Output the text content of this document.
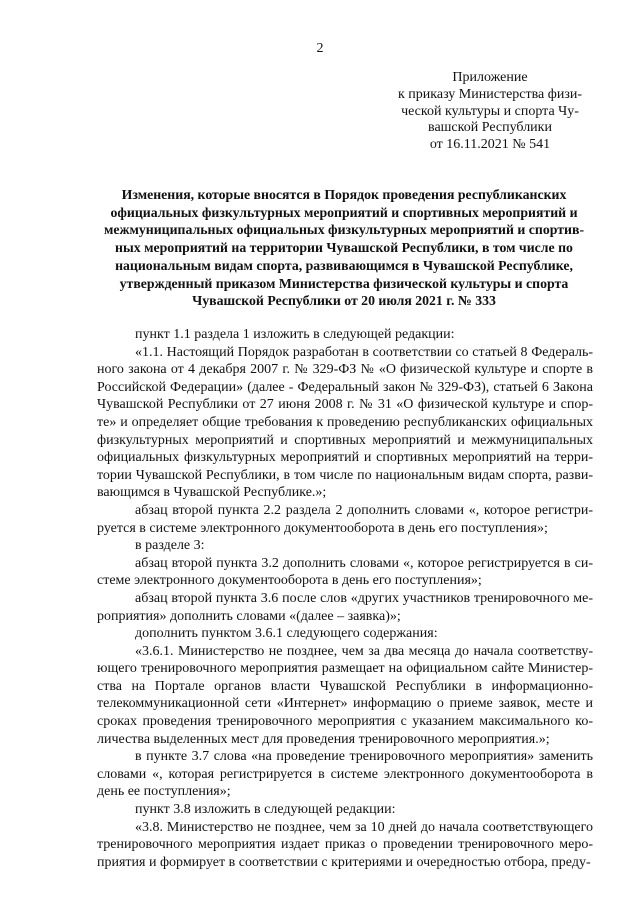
2
Приложение
к приказу Министерства физи-
ческой культуры и спорта Чу-
вашской Республики
от 16.11.2021 № 541
Изменения, которые вносятся в Порядок проведения республиканских
официальных физкультурных мероприятий и спортивных мероприятий и
межмуниципальных официальных физкультурных мероприятий и спортив-
ных мероприятий на территории Чувашской Республики, в том числе по
национальным видам спорта, развивающимся в Чувашской Республике,
утвержденный приказом Министерства физической культуры и спорта
Чувашской Республики от 20 июля 2021 г. № 333

пункт 1.1 раздела 1 изложить в следующей редакции:

«1.1. Настоящий Порядок разработан в соответствии со статьей 8 Федерального закона от 4 декабря 2007 г. № 329-ФЗ № «О физической культуре и спорте в Российской Федерации» (далее - Федеральный закон № 329-ФЗ), статьей 6 Закона Чувашской Республики от 27 июня 2008 г. № 31 «О физической культуре и спорте» и определяет общие требования к проведению республиканских официальных физкультурных мероприятий и спортивных мероприятий и межмуниципальных официальных физкультурных мероприятий и спортивных мероприятий на территории Чувашской Республики, в том числе по национальным видам спорта, развивающимся в Чувашской Республике.»;

абзац второй пункта 2.2 раздела 2 дополнить словами «, которое регистрируется в системе электронного документооборота в день его поступления»;

в разделе 3:

абзац второй пункта 3.2 дополнить словами «, которое регистрируется в системе электронного документооборота в день его поступления»;

абзац второй пункта 3.6 после слов «других участников тренировочного мероприятия» дополнить словами «(далее – заявка)»;

дополнить пунктом 3.6.1 следующего содержания:

«3.6.1. Министерство не позднее, чем за два месяца до начала соответствующего тренировочного мероприятия размещает на официальном сайте Министерства на Портале органов власти Чувашской Республики в информационно-телекоммуникационной сети «Интернет» информацию о приеме заявок, месте и сроках проведения тренировочного мероприятия с указанием максимального количества выделенных мест для проведения тренировочного мероприятия.»;

в пункте 3.7 слова «на проведение тренировочного мероприятия» заменить словами «, которая регистрируется в системе электронного документооборота в день ее поступления»;

пункт 3.8 изложить в следующей редакции:

«3.8. Министерство не позднее, чем за 10 дней до начала соответствующего тренировочного мероприятия издает приказ о проведении тренировочного мероприятия и формирует в соответствии с критериями и очередностью отбора, преду-
